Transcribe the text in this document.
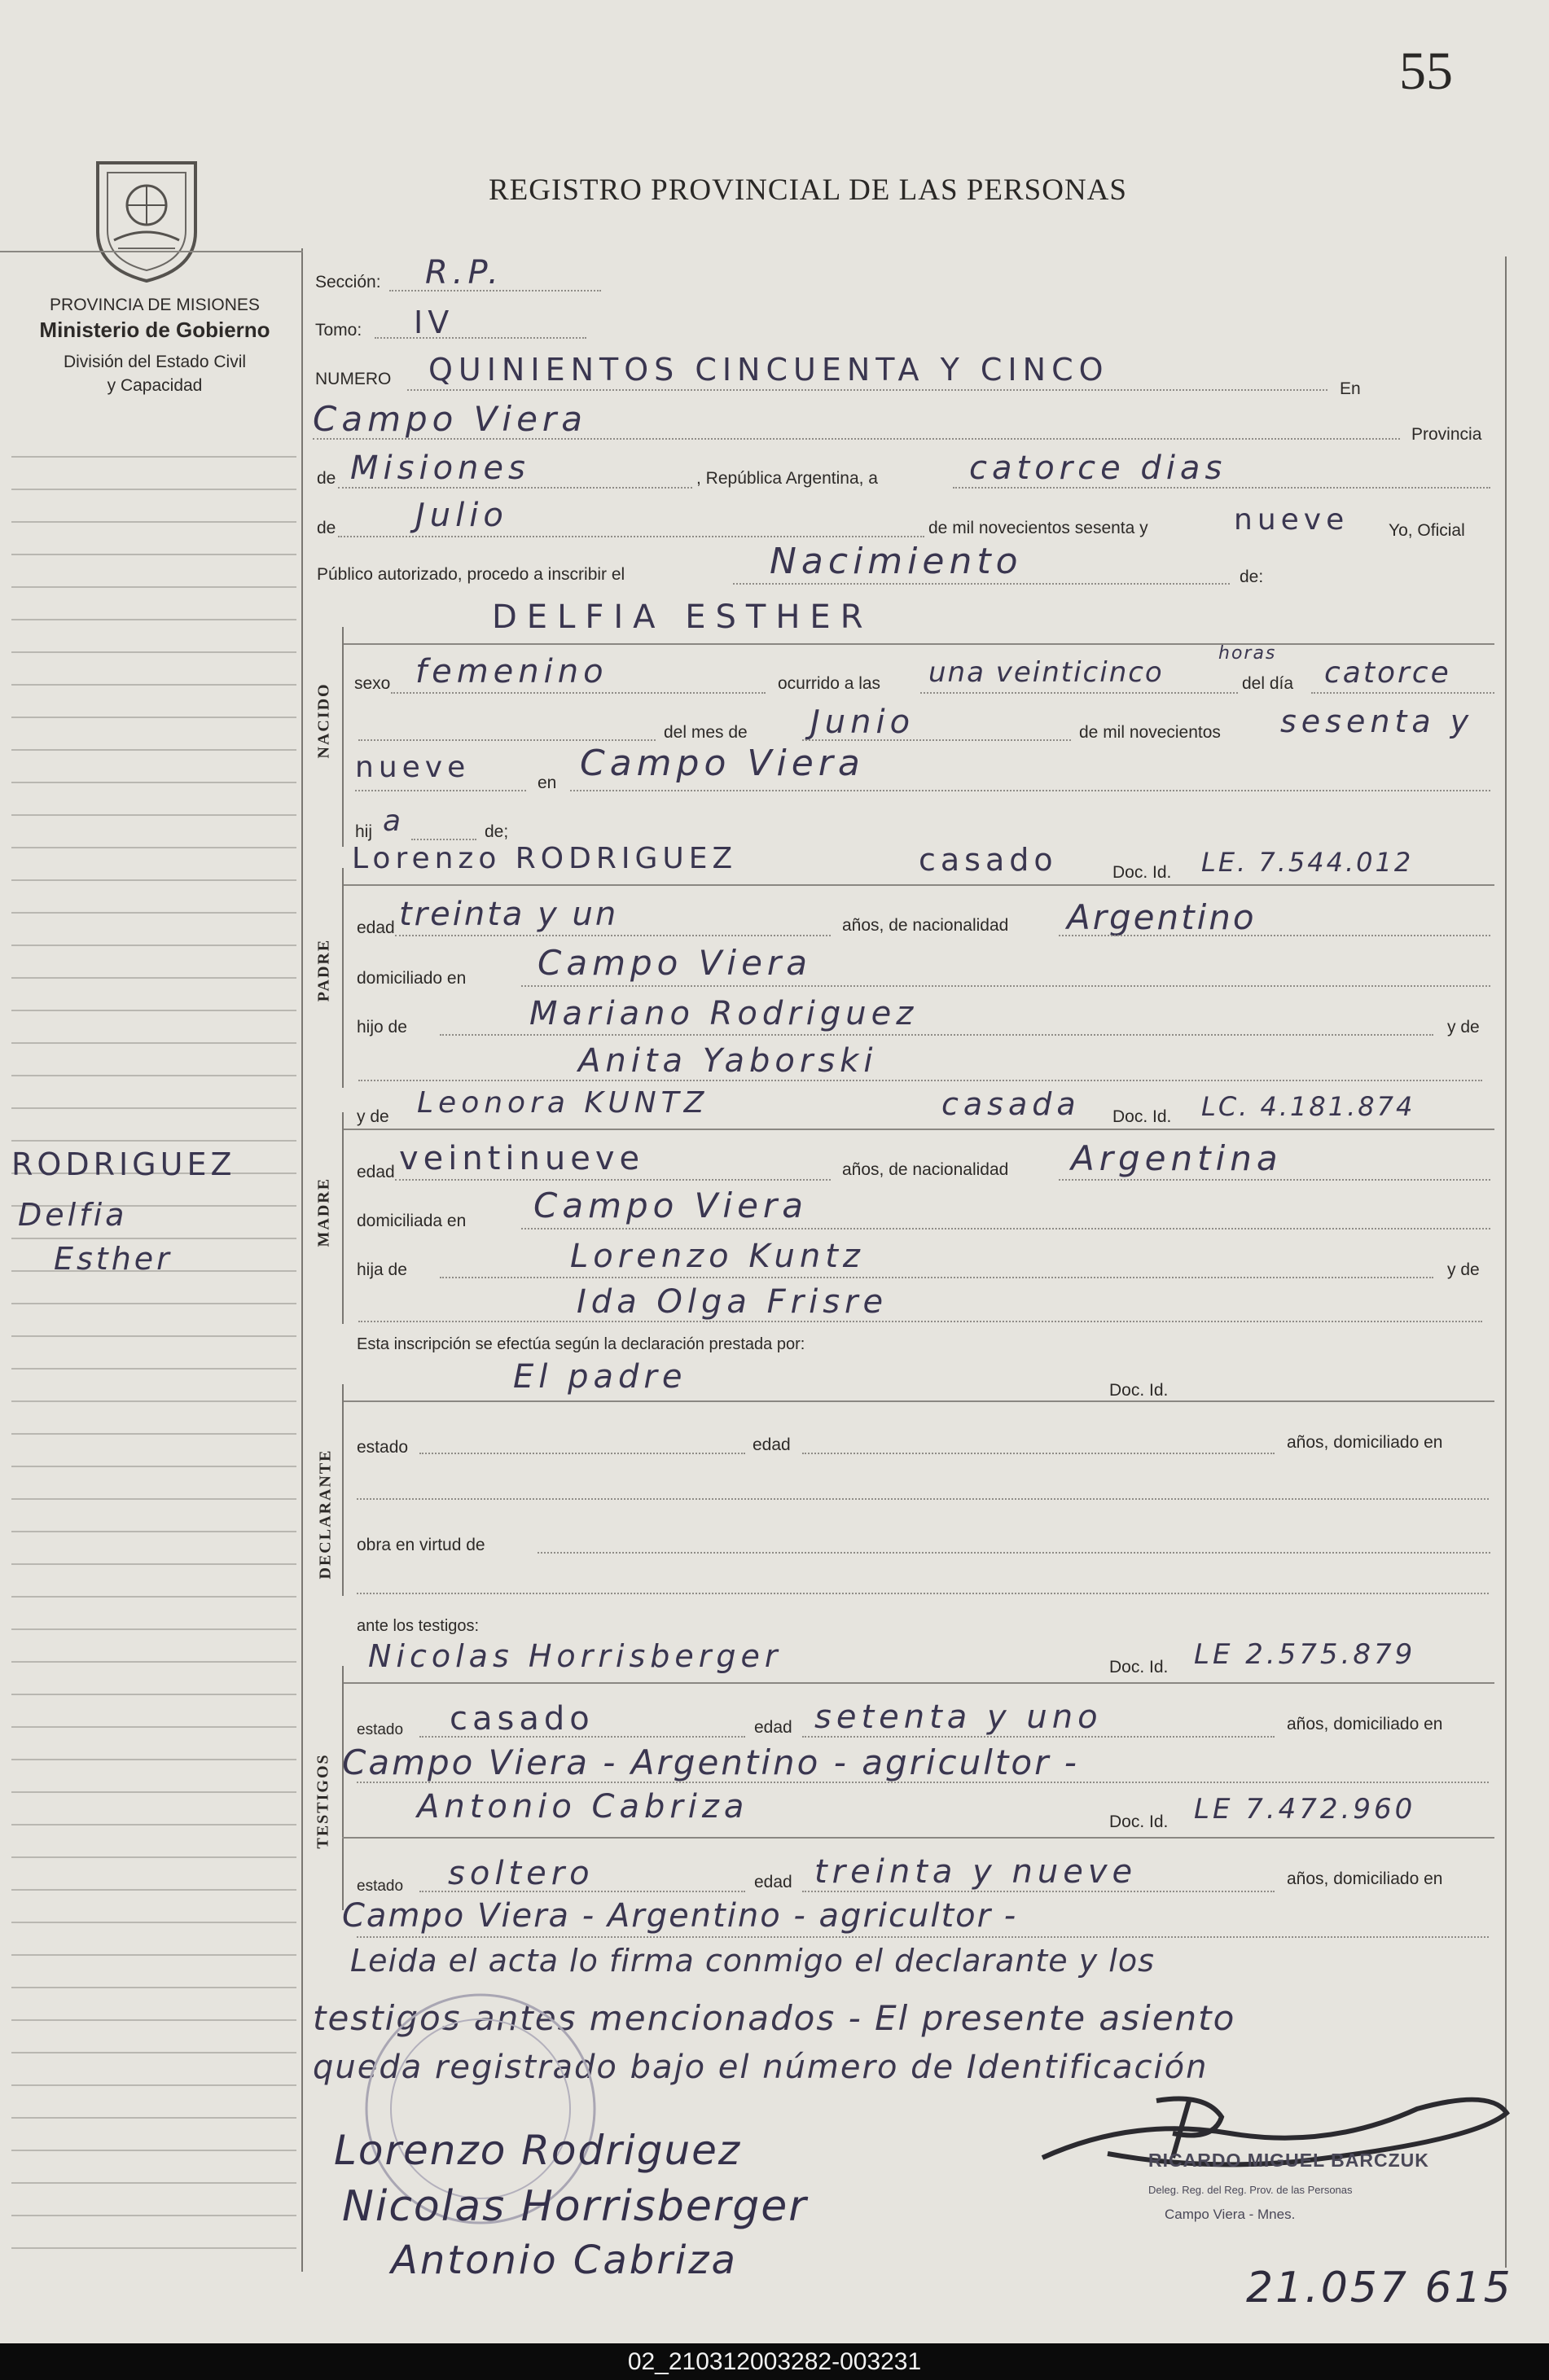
55
PROVINCIA DE MISIONES
Ministerio de Gobierno
División del Estado Civil
y Capacidad
REGISTRO PROVINCIAL DE LAS PERSONAS
RODRIGUEZ
Delfia
Esther
Sección: R.P.
Tomo: IV
NUMERO QUINIENTOS CINCUENTA Y CINCO
En
Campo Viera	Provincia
de Misiones	, República Argentina, a	catorce dias
de Julio	de mil novecientos sesenta y	nueve Yo, Oficial
Público autorizado, procedo a inscribir el	Nacimiento	de:
NACIDO
DELFIA ESTHER
sexo femenino	ocurrido a las una veinticinco
horas
del día catorce
del mes de Junio	de mil novecientos sesenta y
nueve	en Campo Viera
hij a	de;
Lorenzo RODRIGUEZ	casado	Doc. Id. LE. 7.544.012
PADRE
edad treinta y un	años, de nacionalidad Argentino
domiciliado en Campo Viera
hijo de	Mariano Rodriguez	y de
Anita Yaborski
y de Leonora KUNTZ	casada Doc. Id. LC. 4.181.874
MADRE
edad veintinueve	años, de nacionalidad Argentina
domiciliada en Campo Viera
hija de	Lorenzo Kuntz	y de
Ida Olga Frisre
Esta inscripción se efectúa según la declaración prestada por:
El padre	Doc. Id.
DECLARANTE
estado	edad	años, domiciliado en
obra en virtud de
ante los testigos:
Nicolas Horrisberger	Doc. Id. LE 2.575.879
TESTIGOS
estado casado	edad setenta y uno	años, domiciliado en
Campo Viera - Argentino - agricultor -
Antonio Cabriza	Doc. Id. LE 7.472.960
estado soltero	edad treinta y nueve	años, domiciliado en
Campo Viera - Argentino - agricultor -
Leida el acta lo firma conmigo el declarante y los
testigos antes mencionados - El presente asiento
queda registrado bajo el número de Identificación
Lorenzo Rodriguez
Nicolas Horrisberger
Antonio Cabriza
RICARDO MIGUEL BARCZUK
Deleg. Reg. del Reg. Prov. de las Personas
Campo Viera - Mnes.
21.057 615
02_210312003282-003231
